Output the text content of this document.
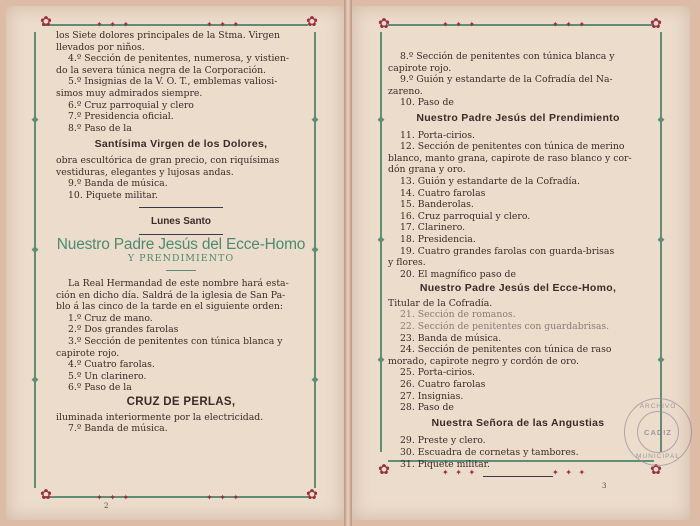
✿	✿
✿	✿
✦ ✦ ✦	✦ ✦ ✦
✦ ✦ ✦	✦ ✦ ✦
◆
◆
◆
◆
◆
◆

los Siete dolores principales de la Stma. Virgen

llevados por niños.

4.º Sección de penitentes, numerosa, y vistien-

do la severa túnica negra de la Corporación.

5.º Insignias de la V. O. T., emblemas valiosi-

simos muy admirados siempre.

6.º Cruz parroquial y clero

7.º Presidencia oficial.

8.º Paso de la

Santísima Virgen de los Dolores,

obra escultórica de gran precio, con riquísimas

vestiduras, elegantes y lujosas andas.

9.º Banda de música.

10. Piquete militar.

Lunes Santo
Nuestro Padre Jesús del Ecce-Homo
Y PRENDIMIENTO

La Real Hermandad de este nombre hará esta-

ción en dicho día. Saldrá de la iglesia de San Pa-

blo á las cinco de la tarde en el siguiente orden:

1.º Cruz de mano.

2.º Dos grandes farolas

3.º Sección de penitentes con túnica blanca y

capirote rojo.

4.º Cuatro farolas.

5.º Un clarinero.

6.º Paso de la

CRUZ DE PERLAS,

iluminada interiormente por la electricidad.

7.º Banda de música.

2
✿	✿
✿	✿
✦ ✦ ✦	✦ ✦ ✦
✦ ✦ ✦	✦ ✦ ✦
◆
◆
◆
◆
◆
◆

8.º Sección de penitentes con túnica blanca y

capirote rojo.

9.º Guión y estandarte de la Cofradía del Na-

zareno.

10. Paso de

Nuestro Padre Jesús del Prendimiento

11. Porta-cirios.

12. Sección de penitentes con túnica de merino

blanco, manto grana, capirote de raso blanco y cor-

dón grana y oro.

13. Guión y estandarte de la Cofradía.

14. Cuatro farolas

15. Banderolas.

16. Cruz parroquial y clero.

17. Clarinero.

18. Presidencia.

19. Cuatro grandes farolas con guarda-brisas

y flores.

20. El magnífico paso de

Nuestro Padre Jesús del Ecce-Homo,

Titular de la Cofradía.

21. Sección de romanos.

22. Sección de penitentes con guardabrisas.

23. Banda de música.

24. Sección de penitentes con túnica de raso

morado, capirote negro y cordón de oro.

25. Porta-cirios.

26. Cuatro farolas

27. Insignias.

28. Paso de

Nuestra Señora de las Angustias

29. Preste y clero.

30. Escuadra de cornetas y tambores.

31. Piquete militar.

3
ARCHIVO
CADIZ
MUNICIPAL
